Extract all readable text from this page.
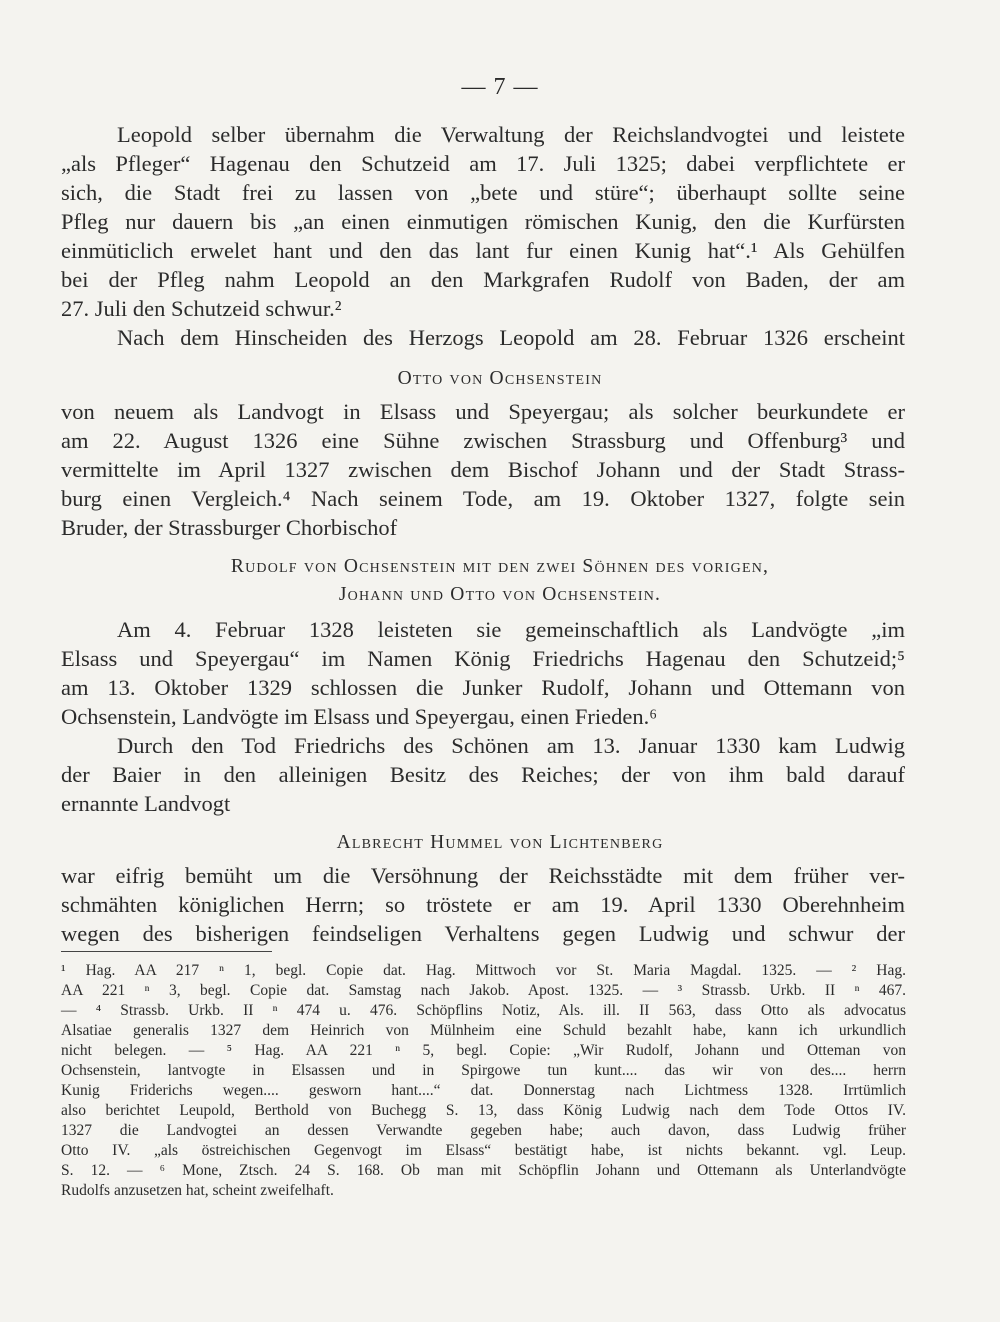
— 7 —
Leopold selber übernahm die Verwaltung der Reichslandvogtei und leistete
„als Pfleger“ Hagenau den Schutzeid am 17. Juli 1325; dabei verpflichtete er
sich, die Stadt frei zu lassen von „bete und stüre“; überhaupt sollte seine
Pfleg nur dauern bis „an einen einmutigen römischen Kunig, den die Kurfürsten
einmüticlich erwelet hant und den das lant fur einen Kunig hat“.¹ Als Gehülfen
bei der Pfleg nahm Leopold an den Markgrafen Rudolf von Baden, der am
27. Juli den Schutzeid schwur.²
Nach dem Hinscheiden des Herzogs Leopold am 28. Februar 1326 erscheint
von neuem als Landvogt in Elsass und Speyergau; als solcher beurkundete er
am 22. August 1326 eine Sühne zwischen Strassburg und Offenburg³ und
vermittelte im April 1327 zwischen dem Bischof Johann und der Stadt Strass-
burg einen Vergleich.⁴ Nach seinem Tode, am 19. Oktober 1327, folgte sein
Bruder, der Strassburger Chorbischof
Am 4. Februar 1328 leisteten sie gemeinschaftlich als Landvögte „im
Elsass und Speyergau“ im Namen König Friedrichs Hagenau den Schutzeid;⁵
am 13. Oktober 1329 schlossen die Junker Rudolf, Johann und Ottemann von
Ochsenstein, Landvögte im Elsass und Speyergau, einen Frieden.⁶
Durch den Tod Friedrichs des Schönen am 13. Januar 1330 kam Ludwig
der Baier in den alleinigen Besitz des Reiches; der von ihm bald darauf
ernannte Landvogt
war eifrig bemüht um die Versöhnung der Reichsstädte mit dem früher ver-
schmähten königlichen Herrn; so tröstete er am 19. April 1330 Oberehnheim
wegen des bisherigen feindseligen Verhaltens gegen Ludwig und schwur der
Otto von Ochsenstein
Rudolf von Ochsenstein mit den zwei Söhnen des vorigen,
Johann und Otto von Ochsenstein.
Albrecht Hummel von Lichtenberg
¹ Hag. AA 217 ⁿ 1, begl. Copie dat. Hag. Mittwoch vor St. Maria Magdal. 1325. — ² Hag.
AA 221 ⁿ 3, begl. Copie dat. Samstag nach Jakob. Apost. 1325. — ³ Strassb. Urkb. II ⁿ 467.
— ⁴ Strassb. Urkb. II ⁿ 474 u. 476. Schöpflins Notiz, Als. ill. II 563, dass Otto als advocatus
Alsatiae generalis 1327 dem Heinrich von Mülnheim eine Schuld bezahlt habe, kann ich urkundlich
nicht belegen. — ⁵ Hag. AA 221 ⁿ 5, begl. Copie: „Wir Rudolf, Johann und Otteman von
Ochsenstein, lantvogte in Elsassen und in Spirgowe tun kunt.... das wir von des.... herrn
Kunig Friderichs wegen.... gesworn hant....“ dat. Donnerstag nach Lichtmess 1328. Irrtümlich
also berichtet Leupold, Berthold von Buchegg S. 13, dass König Ludwig nach dem Tode Ottos IV.
1327 die Landvogtei an dessen Verwandte gegeben habe; auch davon, dass Ludwig früher
Otto IV. „als östreichischen Gegenvogt im Elsass“ bestätigt habe, ist nichts bekannt. vgl. Leup.
S. 12. — ⁶ Mone, Ztsch. 24 S. 168. Ob man mit Schöpflin Johann und Ottemann als Unterlandvögte
Rudolfs anzusetzen hat, scheint zweifelhaft.
